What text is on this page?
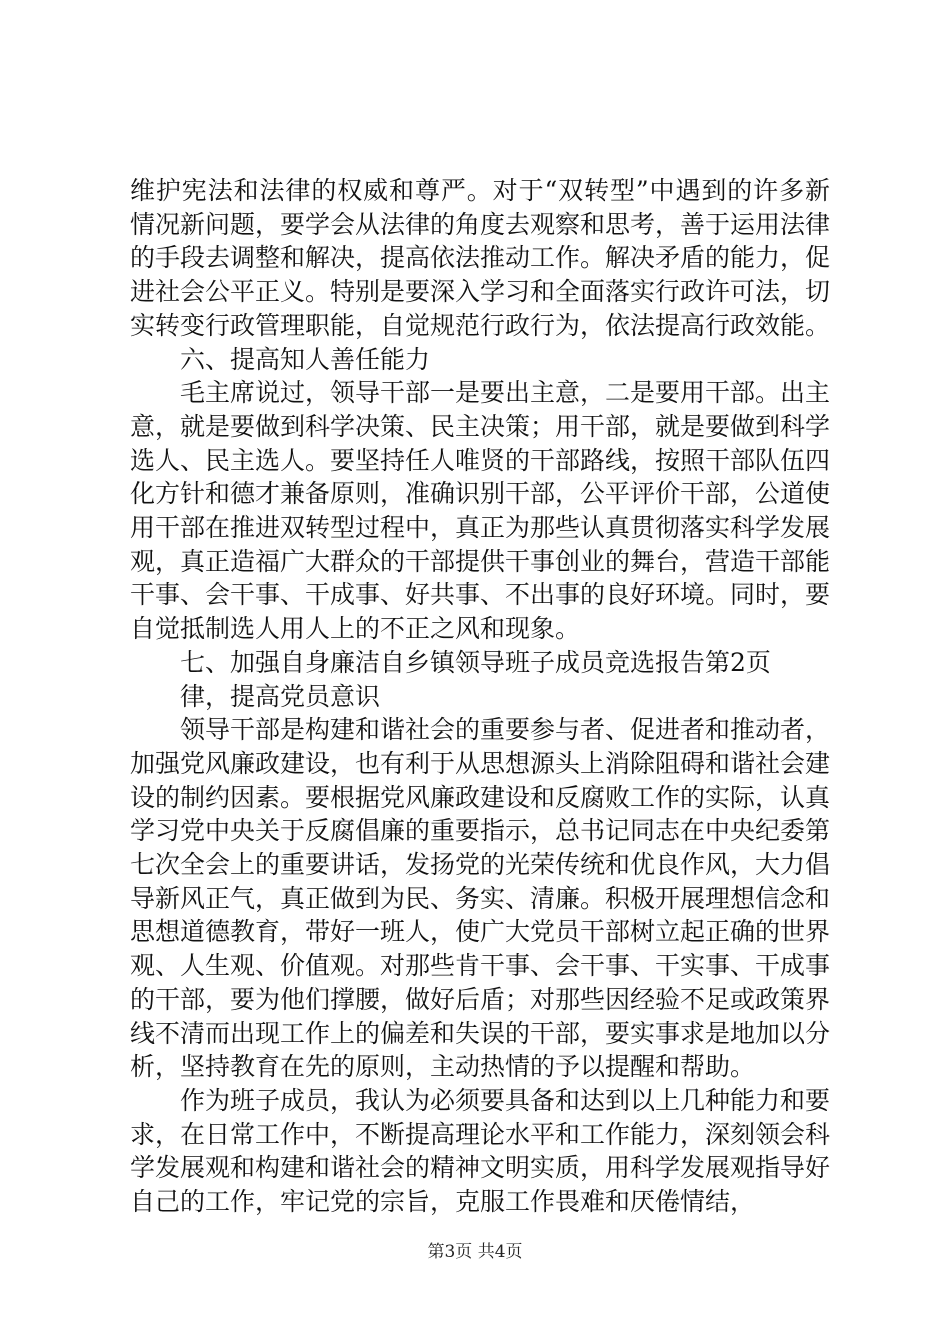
维护宪法和法律的权威和尊严。对于“双转型”中遇到的许多新情况新问题，要学会从法律的角度去观察和思考，善于运用法律的手段去调整和解决，提高依法推动工作。解决矛盾的能力，促进社会公平正义。特别是要深入学习和全面落实行政许可法，切实转变行政管理职能，自觉规范行政行为，依法提高行政效能。

六、提高知人善任能力

毛主席说过，领导干部一是要出主意，二是要用干部。出主意，就是要做到科学决策、民主决策；用干部，就是要做到科学选人、民主选人。要坚持任人唯贤的干部路线，按照干部队伍四化方针和德才兼备原则，准确识别干部，公平评价干部，公道使用干部在推进双转型过程中，真正为那些认真贯彻落实科学发展观，真正造福广大群众的干部提供干事创业的舞台，营造干部能干事、会干事、干成事、好共事、不出事的良好环境。同时，要自觉抵制选人用人上的不正之风和现象。

七、加强自身廉洁自乡镇领导班子成员竞选报告第2页

律，提高党员意识

领导干部是构建和谐社会的重要参与者、促进者和推动者，加强党风廉政建设，也有利于从思想源头上消除阻碍和谐社会建设的制约因素。要根据党风廉政建设和反腐败工作的实际，认真学习党中央关于反腐倡廉的重要指示，总书记同志在中央纪委第七次全会上的重要讲话，发扬党的光荣传统和优良作风，大力倡导新风正气，真正做到为民、务实、清廉。积极开展理想信念和思想道德教育，带好一班人，使广大党员干部树立起正确的世界观、人生观、价值观。对那些肯干事、会干事、干实事、干成事的干部，要为他们撑腰，做好后盾；对那些因经验不足或政策界线不清而出现工作上的偏差和失误的干部，要实事求是地加以分析，坚持教育在先的原则，主动热情的予以提醒和帮助。

作为班子成员，我认为必须要具备和达到以上几种能力和要求，在日常工作中，不断提高理论水平和工作能力，深刻领会科学发展观和构建和谐社会的精神文明实质，用科学发展观指导好自己的工作，牢记党的宗旨，克服工作畏难和厌倦情结，

第3页 共4页
